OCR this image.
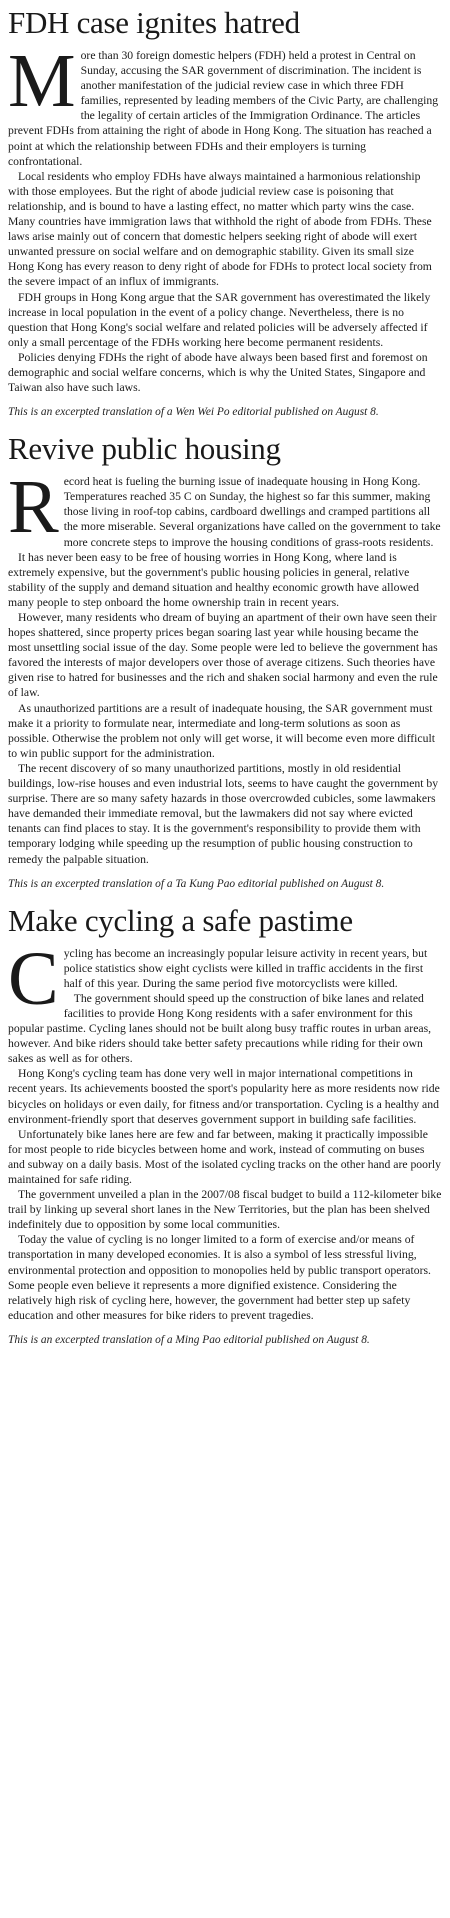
FDH case ignites hatred
M ore than 30 foreign domestic helpers (FDH) held a protest in Central on Sunday, accusing the SAR government of discrimination. The incident is another manifestation of the judicial review case in which three FDH families, represented by leading members of the Civic Party, are challenging the legality of certain articles of the Immigration Ordinance. The articles prevent FDHs from attaining the right of abode in Hong Kong. The situation has reached a point at which the relationship between FDHs and their employers is turning confrontational.

Local residents who employ FDHs have always maintained a harmonious relationship with those employees. But the right of abode judicial review case is poisoning that relationship, and is bound to have a lasting effect, no matter which party wins the case. Many countries have immigration laws that withhold the right of abode from FDHs. These laws arise mainly out of concern that domestic helpers seeking right of abode will exert unwanted pressure on social welfare and on demographic stability. Given its small size Hong Kong has every reason to deny right of abode for FDHs to protect local society from the severe impact of an influx of immigrants.

FDH groups in Hong Kong argue that the SAR government has overestimated the likely increase in local population in the event of a policy change. Nevertheless, there is no question that Hong Kong's social welfare and related policies will be adversely affected if only a small percentage of the FDHs working here become permanent residents.

Policies denying FDHs the right of abode have always been based first and foremost on demographic and social welfare concerns, which is why the United States, Singapore and Taiwan also have such laws.

This is an excerpted translation of a Wen Wei Po editorial published on August 8.
Revive public housing
R ecord heat is fueling the burning issue of inadequate housing in Hong Kong. Temperatures reached 35 C on Sunday, the highest so far this summer, making those living in roof-top cabins, cardboard dwellings and cramped partitions all the more miserable. Several organizations have called on the government to take more concrete steps to improve the housing conditions of grass-roots residents.

It has never been easy to be free of housing worries in Hong Kong, where land is extremely expensive, but the government's public housing policies in general, relative stability of the supply and demand situation and healthy economic growth have allowed many people to step onboard the home ownership train in recent years.

However, many residents who dream of buying an apartment of their own have seen their hopes shattered, since property prices began soaring last year while housing became the most unsettling social issue of the day. Some people were led to believe the government has favored the interests of major developers over those of average citizens. Such theories have given rise to hatred for businesses and the rich and shaken social harmony and even the rule of law.

As unauthorized partitions are a result of inadequate housing, the SAR government must make it a priority to formulate near, intermediate and long-term solutions as soon as possible. Otherwise the problem not only will get worse, it will become even more difficult to win public support for the administration.

The recent discovery of so many unauthorized partitions, mostly in old residential buildings, low-rise houses and even industrial lots, seems to have caught the government by surprise. There are so many safety hazards in those overcrowded cubicles, some lawmakers have demanded their immediate removal, but the lawmakers did not say where evicted tenants can find places to stay. It is the government's responsibility to provide them with temporary lodging while speeding up the resumption of public housing construction to remedy the palpable situation.

This is an excerpted translation of a Ta Kung Pao editorial published on August 8.
Make cycling a safe pastime
C ycling has become an increasingly popular leisure activity in recent years, but police statistics show eight cyclists were killed in traffic accidents in the first half of this year. During the same period five motorcyclists were killed.

The government should speed up the construction of bike lanes and related facilities to provide Hong Kong residents with a safer environment for this popular pastime. Cycling lanes should not be built along busy traffic routes in urban areas, however. And bike riders should take better safety precautions while riding for their own sakes as well as for others.

Hong Kong's cycling team has done very well in major international competitions in recent years. Its achievements boosted the sport's popularity here as more residents now ride bicycles on holidays or even daily, for fitness and/or transportation. Cycling is a healthy and environment-friendly sport that deserves government support in building safe facilities.

Unfortunately bike lanes here are few and far between, making it practically impossible for most people to ride bicycles between home and work, instead of commuting on buses and subway on a daily basis. Most of the isolated cycling tracks on the other hand are poorly maintained for safe riding.

The government unveiled a plan in the 2007/08 fiscal budget to build a 112-kilometer bike trail by linking up several short lanes in the New Territories, but the plan has been shelved indefinitely due to opposition by some local communities.

Today the value of cycling is no longer limited to a form of exercise and/or means of transportation in many developed economies. It is also a symbol of less stressful living, environmental protection and opposition to monopolies held by public transport operators. Some people even believe it represents a more dignified existence. Considering the relatively high risk of cycling here, however, the government had better step up safety education and other measures for bike riders to prevent tragedies.

This is an excerpted translation of a Ming Pao editorial published on August 8.
